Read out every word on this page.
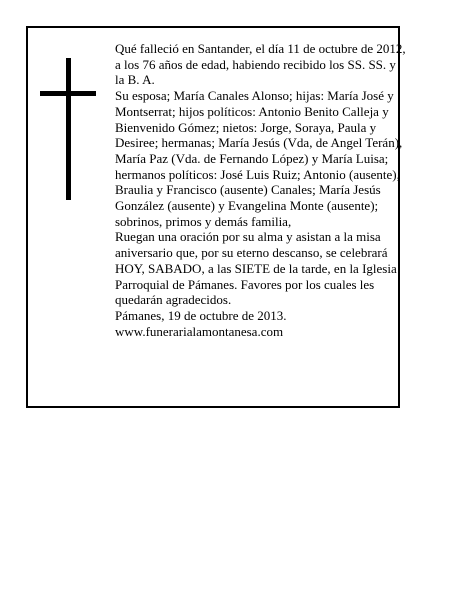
Qué falleció en Santander, el día 11 de octubre de 2012,

a los 76 años de edad, habiendo recibido los SS. SS. y

la B. A.

Su esposa; María Canales Alonso; hijas: María José y

Montserrat; hijos políticos: Antonio Benito Calleja y

Bienvenido Gómez; nietos: Jorge, Soraya, Paula y

Desiree; hermanas; María Jesús (Vda, de Angel Terán),

María Paz (Vda. de Fernando López) y María Luisa;

hermanos políticos: José Luis Ruiz; Antonio (ausente),

Braulia y Francisco (ausente) Canales; María Jesús

González (ausente) y Evangelina Monte (ausente);

sobrinos, primos y demás familia,

Ruegan una oración por su alma y asistan a la misa

aniversario que, por su eterno descanso, se celebrará

HOY, SABADO, a las SIETE de la tarde, en la Iglesia

Parroquial de Pámanes. Favores por los cuales les

quedarán agradecidos.

Pámanes, 19 de octubre de 2013.

www.funerarialamontanesa.com
